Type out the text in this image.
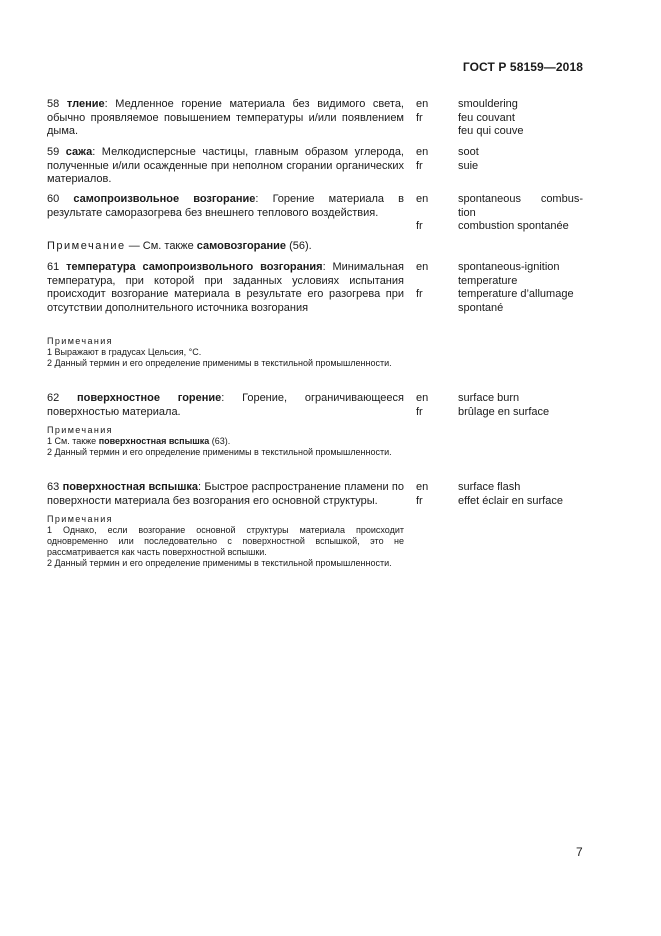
ГОСТ Р 58159—2018
58 тление: Медленное горение материала без видимого света, обычно проявляемое повышением температуры и/или появлением дыма.
en
fr
smouldering
feu couvant
feu qui couve
59 сажа: Мелкодисперсные частицы, главным образом углерода, полученные и/или осажденные при неполном сгорании органических материалов.
en
fr
soot
suie
60 самопроизвольное возгорание: Горение материала в результате саморазогрева без внешнего теплового воздействия.
en

fr
spontaneous combus-
tion
combustion spontanée
Примечание — См. также самовозгорание (56).
61 температура самопроизвольного возгорания: Минимальная температура, при которой при заданных условиях испытания происходит возгорание материала в результате его разогрева при отсутствии дополнительного источника возгорания
en

fr
spontaneous-ignition
temperature
temperature d’allumage
spontané
Примечания
1 Выражают в градусах Цельсия, °С.
2 Данный термин и его определение применимы в текстильной промышленности.
62 поверхностное горение: Горение, ограничивающееся поверхностью материала.
en
fr
surface burn
brûlage en surface
Примечания
1 См. также поверхностная вспышка (63).
2 Данный термин и его определение применимы в текстильной промышленности.
63 поверхностная вспышка: Быстрое распространение пламени по поверхности материала без возгорания его основной структуры.
en
fr
surface flash
effet éclair en surface
Примечания
1 Однако, если возгорание основной структуры материала происходит одновременно или последовательно с поверхностной вспышкой, это не рассматривается как часть поверхностной вспышки.
2 Данный термин и его определение применимы в текстильной промышленности.
7
